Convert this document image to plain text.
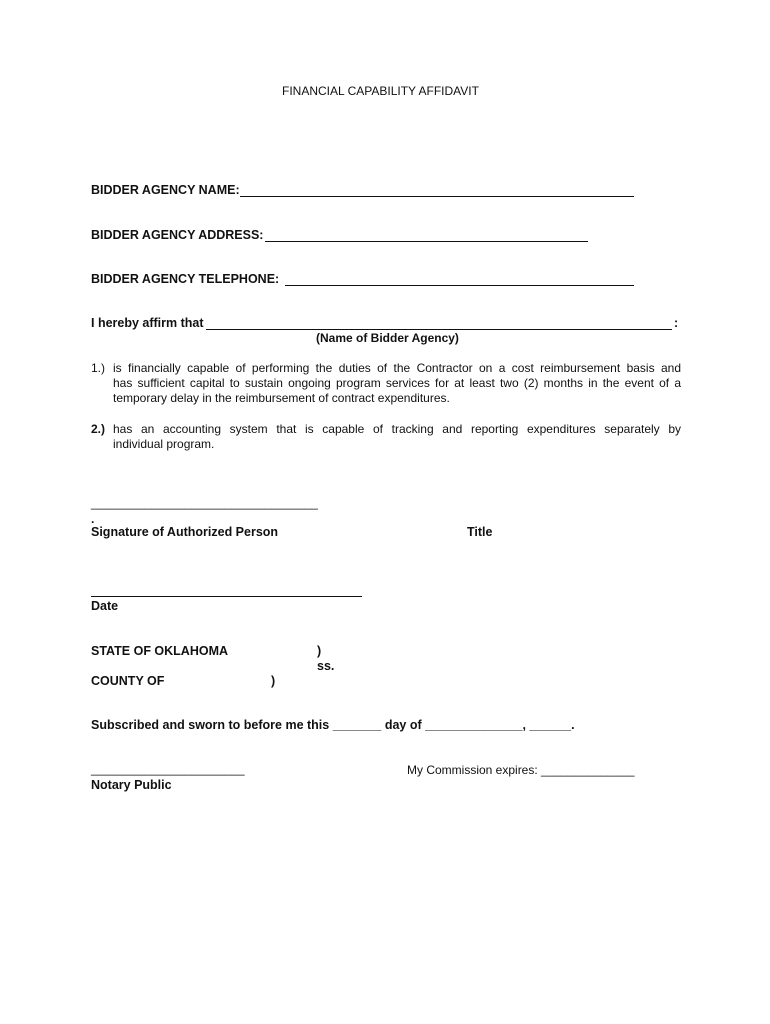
FINANCIAL CAPABILITY AFFIDAVIT
BIDDER AGENCY NAME:
BIDDER AGENCY ADDRESS:
BIDDER AGENCY TELEPHONE:
I hereby affirm that	:
(Name of Bidder Agency)
1.) is financially capable of performing the duties of the Contractor on a cost reimbursement basis and
has sufficient capital to sustain ongoing program services for at least two (2) months in the event of a
temporary delay in the reimbursement of contract expenditures.
2.) has an accounting system that is capable of tracking and reporting expenditures separately by
individual program.
__________________________________
.
Signature of Authorized Person	Title
Date
STATE OF OKLAHOMA	)
ss.
COUNTY OF	)
Subscribed and sworn to before me this _______ day of ______________, ______.
_______________________	My Commission expires: ______________
Notary Public
